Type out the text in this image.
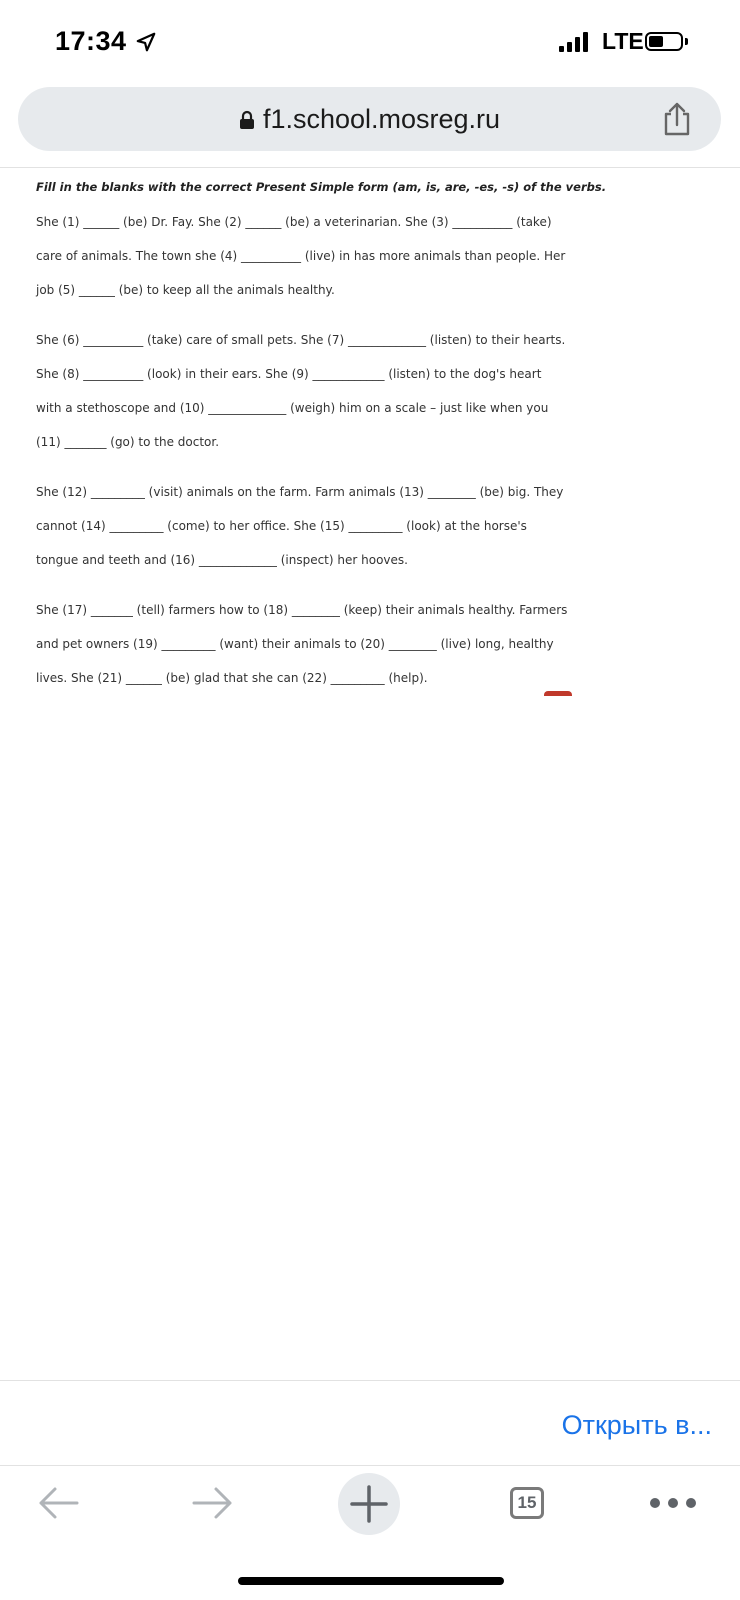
17:34	LTE
f1.school.mosreg.ru
Fill in the blanks with the correct Present Simple form (am, is, are, -es, -s) of the verbs.

She (1) ______ (be) Dr. Fay. She (2) ______ (be) a veterinarian. She (3) __________ (take)

care of animals. The town she (4) __________ (live) in has more animals than people. Her

job (5) ______ (be) to keep all the animals healthy.

She (6) __________ (take) care of small pets. She (7) _____________ (listen) to their hearts.

She (8) __________ (look) in their ears. She (9) ____________ (listen) to the dog's heart

with a stethoscope and (10) _____________ (weigh) him on a scale – just like when you

(11) _______ (go) to the doctor.

She (12) _________ (visit) animals on the farm. Farm animals (13) ________ (be) big. They

cannot (14) _________ (come) to her office. She (15) _________ (look) at the horse's

tongue and teeth and (16) _____________ (inspect) her hooves.

She (17) _______ (tell) farmers how to (18) ________ (keep) their animals healthy. Farmers

and pet owners (19) _________ (want) their animals to (20) ________ (live) long, healthy

lives. She (21) ______ (be) glad that she can (22) _________ (help).

Открыть в...
15
